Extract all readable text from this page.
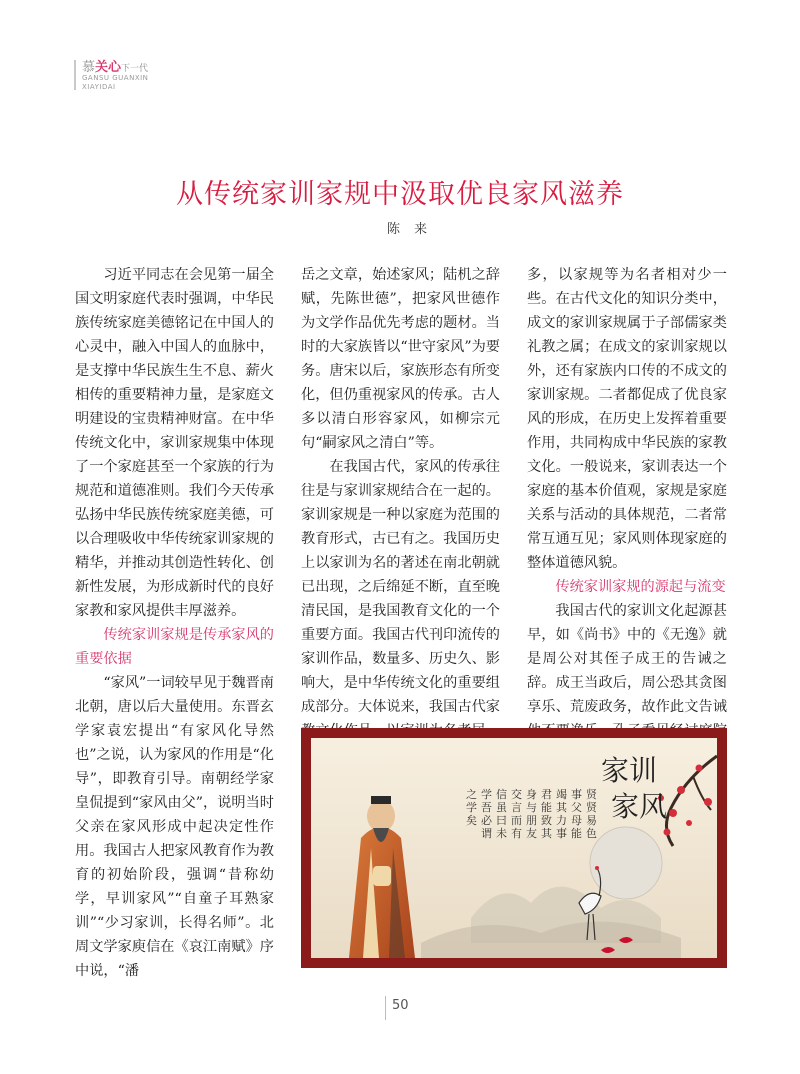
慕关心下一代
GANSU GUANXIN
XIAYIDAI
从传统家训家规中汲取优良家风滋养
陈来

习近平同志在会见第一届全国文明家庭代表时强调，中华民族传统家庭美德铭记在中国人的心灵中，融入中国人的血脉中，是支撑中华民族生生不息、薪火相传的重要精神力量，是家庭文明建设的宝贵精神财富。在中华传统文化中，家训家规集中体现了一个家庭甚至一个家族的行为规范和道德准则。我们今天传承弘扬中华民族传统家庭美德，可以合理吸收中华传统家训家规的精华，并推动其创造性转化、创新性发展，为形成新时代的良好家教和家风提供丰厚滋养。

传统家训家规是传承家风的重要依据

“家风”一词较早见于魏晋南北朝，唐以后大量使用。东晋玄学家袁宏提出“有家风化导然也”之说，认为家风的作用是“化导”，即教育引导。南朝经学家皇侃提到“家风由父”，说明当时父亲在家风形成中起决定性作用。我国古人把家风教育作为教育的初始阶段，强调“昔称幼学，早训家风”“自童子耳熟家训”“少习家训，长得名师”。北周文学家庾信在《哀江南赋》序中说，“潘

岳之文章，始述家风；陆机之辞赋，先陈世德”，把家风世德作为文学作品优先考虑的题材。当时的大家族皆以“世守家风”为要务。唐宋以后，家族形态有所变化，但仍重视家风的传承。古人多以清白形容家风，如柳宗元句“嗣家风之清白”等。

在我国古代，家风的传承往往是与家训家规结合在一起的。家训家规是一种以家庭为范围的教育形式，古已有之。我国历史上以家训为名的著述在南北朝就已出现，之后绵延不断，直至晚清民国，是我国教育文化的一个重要方面。我国古代刊印流传的家训作品，数量多、历史久、影响大，是中华传统文化的重要组成部分。大体说来，我国古代家

多，以家规等为名者相对少一些。在古代文化的知识分类中，成文的家训家规属于子部儒家类礼教之属；在成文的家训家规以外，还有家族内口传的不成文的家训家规。二者都促成了优良家风的形成，在历史上发挥着重要作用，共同构成中华民族的家教文化。一般说来，家训表达一个家庭的基本价值观，家规是家庭关系与活动的具体规范，二者常常互通互见；家风则体现家庭的整体道德风貌。

传统家训家规的源起与流变

我国古代的家训文化起源甚早，如《尚书》中的《无逸》就是周公对其侄子成王的告诫之辞。成王当政后，周公恐其贪图享乐、荒废政务，故作此文告诫

贤
贤
易
色
事
父
母
能
竭
其
力
事
君
能
致
其
身
与
朋
友
交
言
而
有
信
虽
曰
未
学
吾
必
谓
之
学
矣
家训
家风
50
